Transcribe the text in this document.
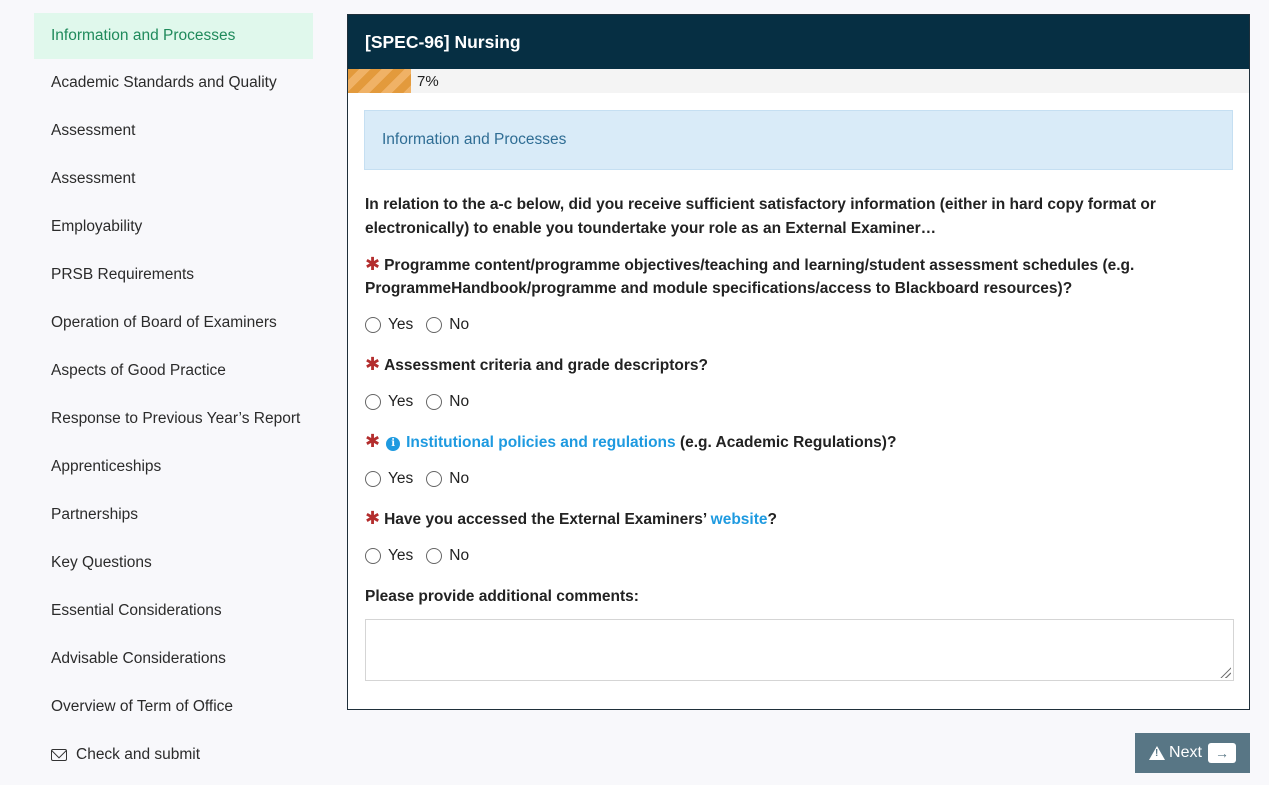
Information and Processes
Academic Standards and Quality
Assessment
Assessment
Employability
PRSB Requirements
Operation of Board of Examiners
Aspects of Good Practice
Response to Previous Year’s Report
Apprenticeships
Partnerships
Key Questions
Essential Considerations
Advisable Considerations
Overview of Term of Office
Check and submit
[SPEC-96] Nursing
7%
Information and Processes

In relation to the a-c below, did you receive sufficient satisfactory information (either in hard copy format or electronically) to enable you toundertake your role as an External Examiner…

✱ Programme content/programme objectives/teaching and learning/student assessment schedules (e.g. ProgrammeHandbook/programme and module specifications/access to Blackboard resources)?

Yes No

✱ Assessment criteria and grade descriptors?

Yes No

✱ i Institutional policies and regulations (e.g. Academic Regulations)?

Yes No

✱ Have you accessed the External Examiners’ website?

Yes No

Please provide additional comments:

! Next →
